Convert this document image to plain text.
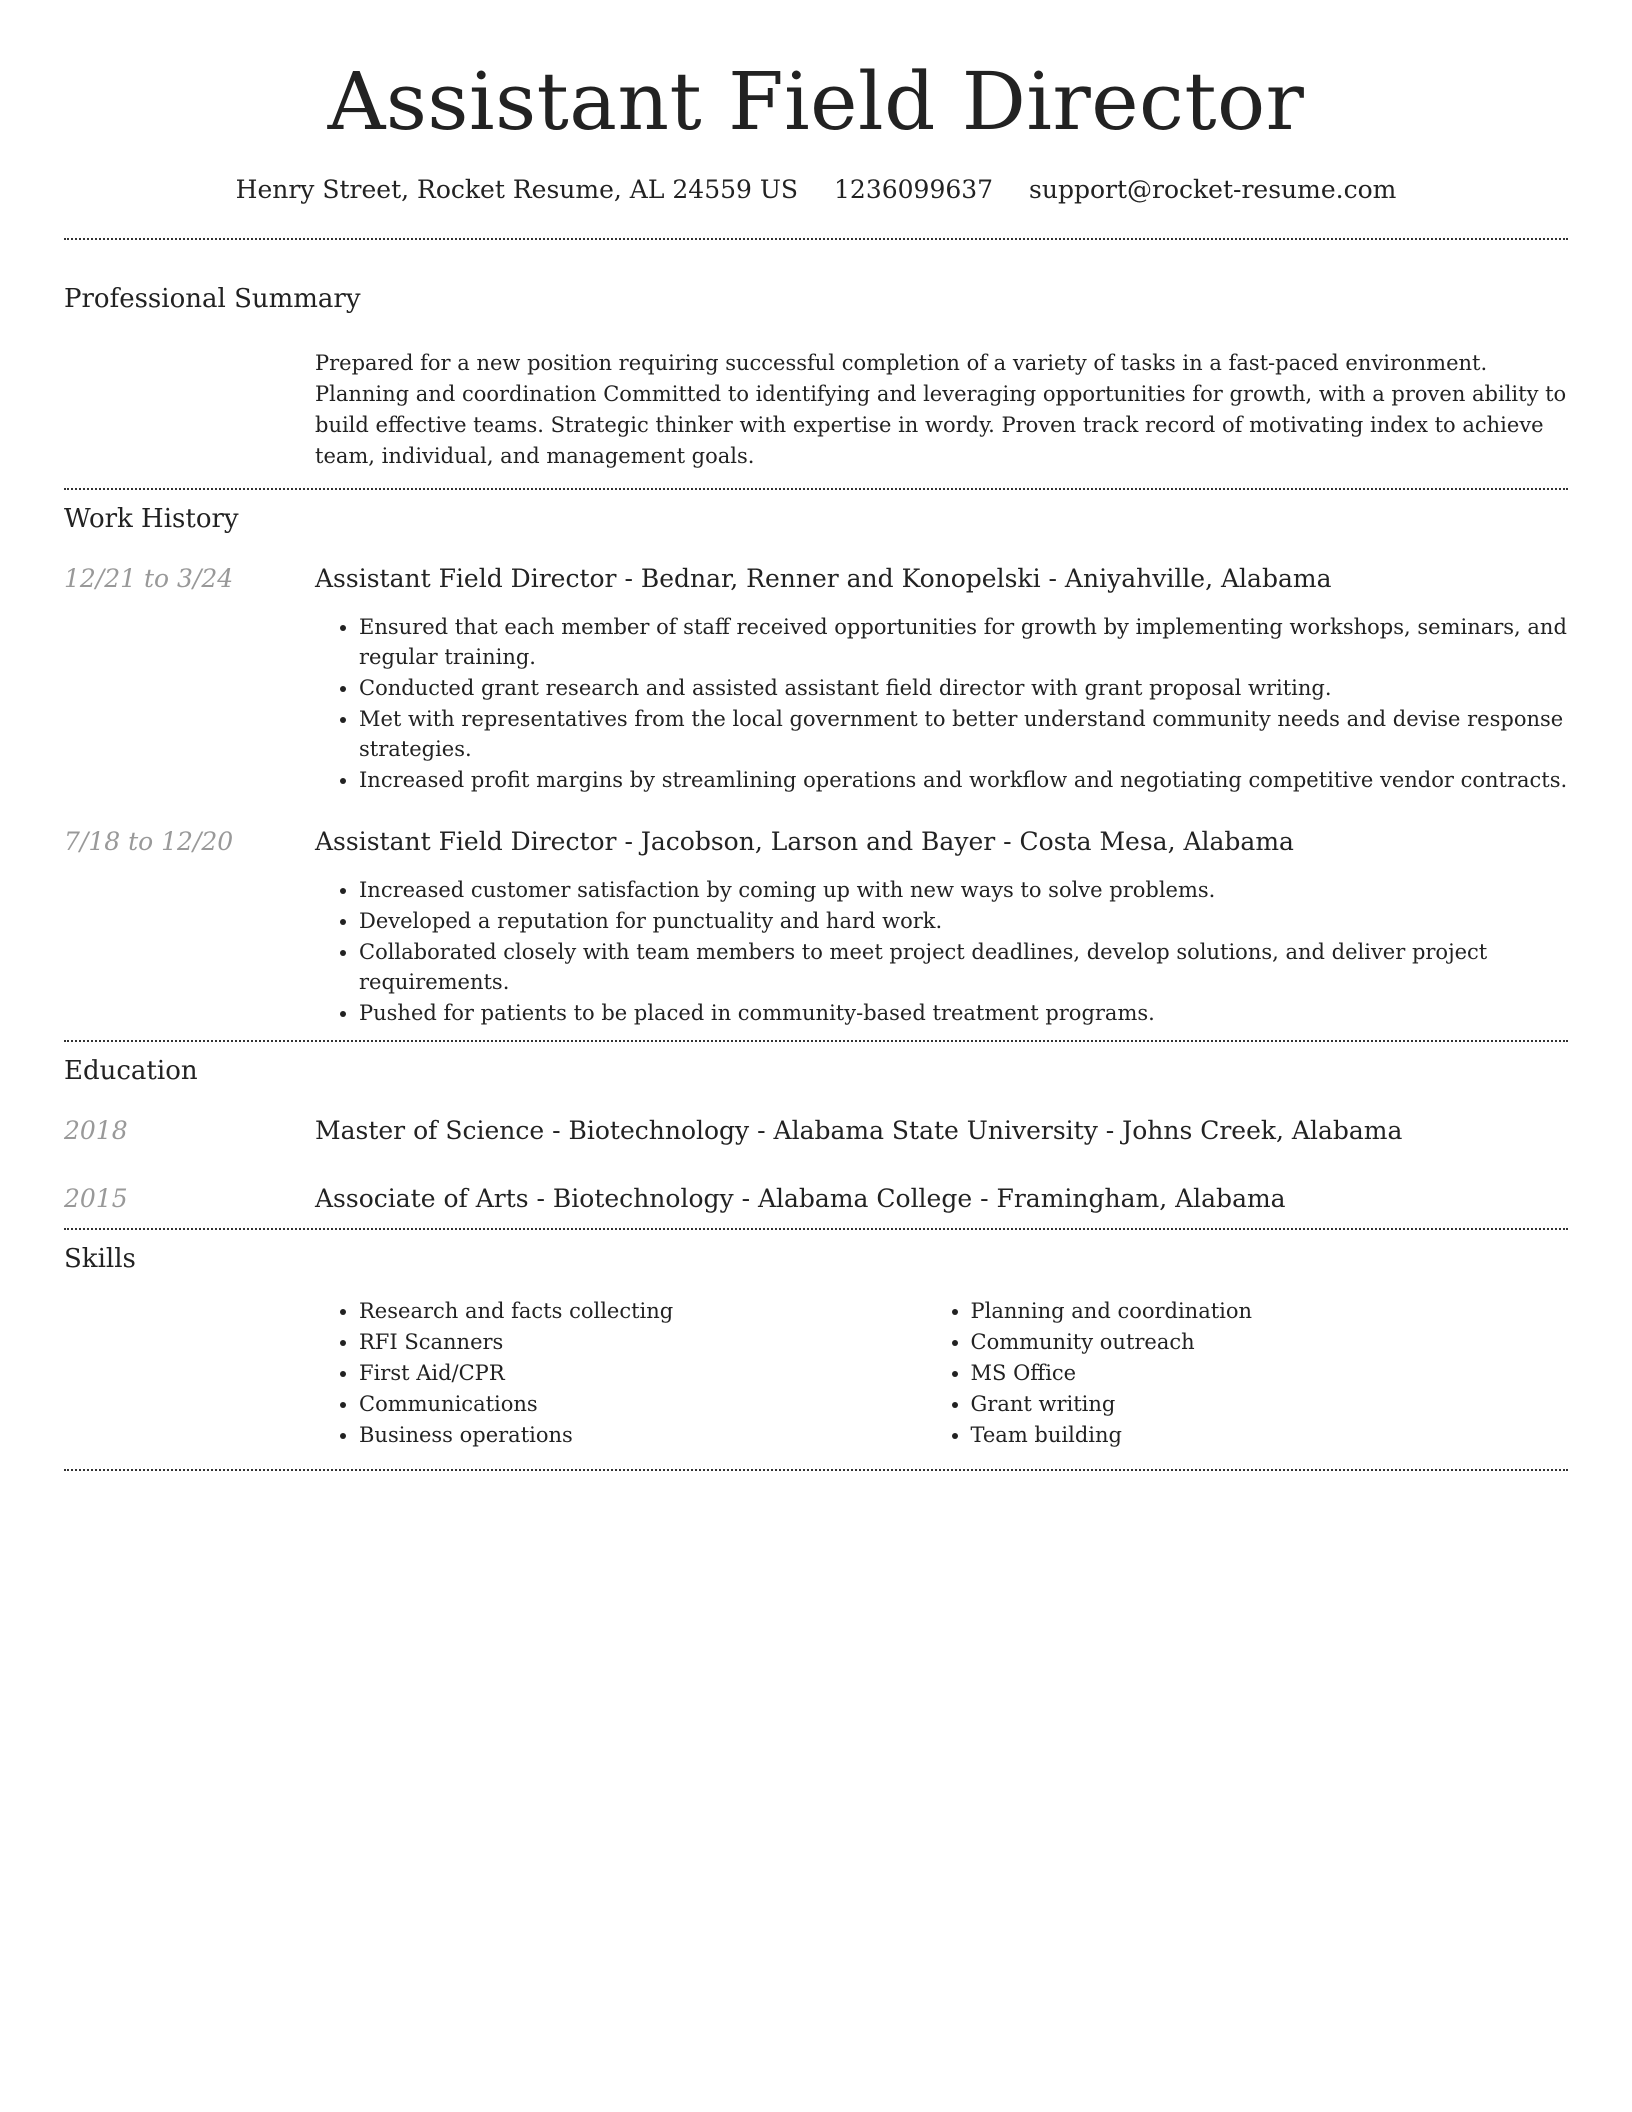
Assistant Field Director
Henry Street, Rocket Resume, AL 24559 US 1236099637 support@rocket-resume.com
Professional Summary

Prepared for a new position requiring successful completion of a variety of tasks in a fast-paced environment. Planning and coordination Committed to identifying and leveraging opportunities for growth, with a proven ability to build effective teams. Strategic thinker with expertise in wordy. Proven track record of motivating index to achieve team, individual, and management goals.

Work History
12/21 to 3/24	Assistant Field Director - Bednar, Renner and Konopelski - Aniyahville, Alabama
• Ensured that each member of staff received opportunities for growth by implementing workshops, seminars, and regular training.
• Conducted grant research and assisted assistant field director with grant proposal writing.
• Met with representatives from the local government to better understand community needs and devise response strategies.
• Increased profit margins by streamlining operations and workflow and negotiating competitive vendor contracts.
7/18 to 12/20	Assistant Field Director - Jacobson, Larson and Bayer - Costa Mesa, Alabama
• Increased customer satisfaction by coming up with new ways to solve problems.
• Developed a reputation for punctuality and hard work.
• Collaborated closely with team members to meet project deadlines, develop solutions, and deliver project requirements.
• Pushed for patients to be placed in community-based treatment programs.
Education
2018	Master of Science - Biotechnology - Alabama State University - Johns Creek, Alabama
2015	Associate of Arts - Biotechnology - Alabama College - Framingham, Alabama
Skills
• Research and facts collecting
• RFI Scanners
• First Aid/CPR
• Communications
• Business operations
• Planning and coordination
• Community outreach
• MS Office
• Grant writing
• Team building
